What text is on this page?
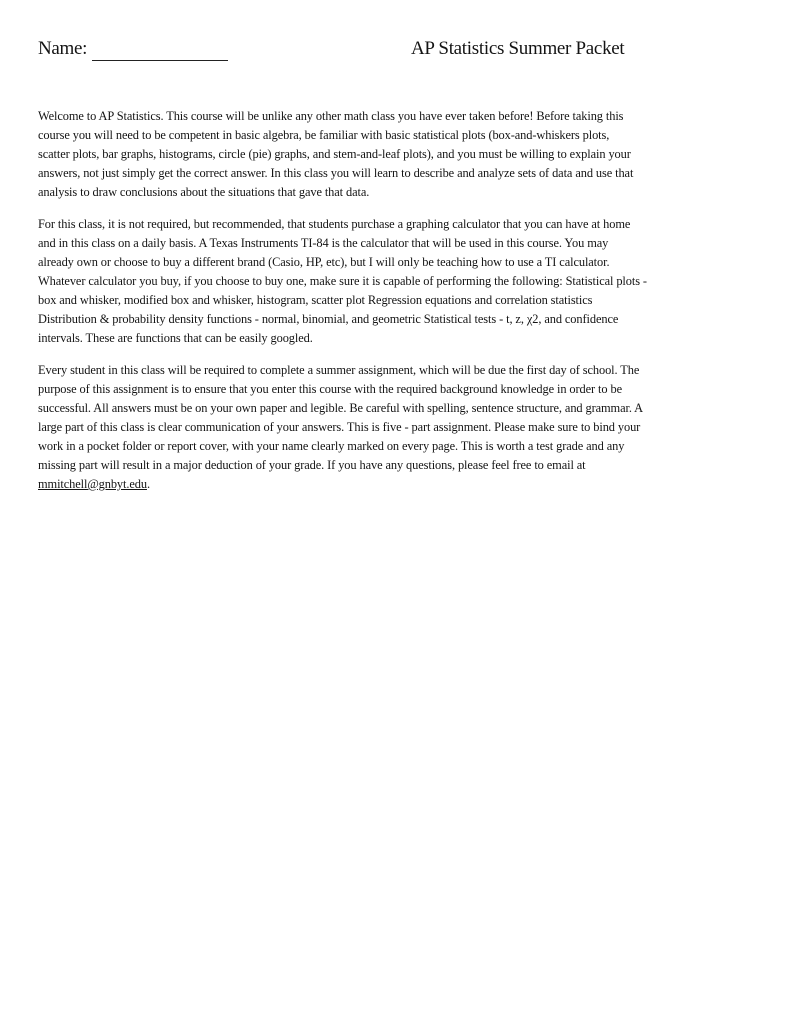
Name:	AP Statistics Summer Packet

Welcome to AP Statistics. This course will be unlike any other math class you have ever taken before! Before taking this
course you will need to be competent in basic algebra, be familiar with basic statistical plots (box-and-whiskers plots,
scatter plots, bar graphs, histograms, circle (pie) graphs, and stem-and-leaf plots), and you must be willing to explain your
answers, not just simply get the correct answer. In this class you will learn to describe and analyze sets of data and use that
analysis to draw conclusions about the situations that gave that data.

For this class, it is not required, but recommended, that students purchase a graphing calculator that you can have at home
and in this class on a daily basis. A Texas Instruments TI-84 is the calculator that will be used in this course. You may
already own or choose to buy a different brand (Casio, HP, etc), but I will only be teaching how to use a TI calculator.
Whatever calculator you buy, if you choose to buy one, make sure it is capable of performing the following: Statistical plots -
box and whisker, modified box and whisker, histogram, scatter plot Regression equations and correlation statistics
Distribution & probability density functions - normal, binomial, and geometric Statistical tests - t, z, χ2, and confidence
intervals. These are functions that can be easily googled.

Every student in this class will be required to complete a summer assignment, which will be due the first day of school. The
purpose of this assignment is to ensure that you enter this course with the required background knowledge in order to be
successful. All answers must be on your own paper and legible. Be careful with spelling, sentence structure, and grammar. A
large part of this class is clear communication of your answers. This is five - part assignment. Please make sure to bind your
work in a pocket folder or report cover, with your name clearly marked on every page. This is worth a test grade and any
missing part will result in a major deduction of your grade. If you have any questions, please feel free to email at
mmitchell@gnbyt.edu.
